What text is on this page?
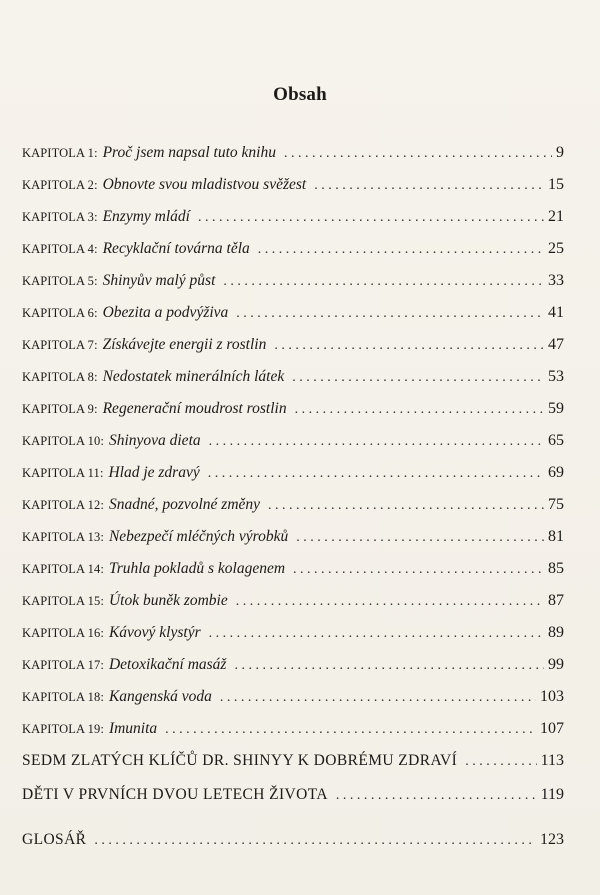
Obsah
KAPITOLA 1 : Proč jsem napsal tuto knihu . . .	9
KAPITOLA 2 : Obnovte svou mladistvou svěžest . . .	15
KAPITOLA 3 : Enzymy mládí . . .	21
KAPITOLA 4 : Recyklační továrna těla . . .	25
KAPITOLA 5 : Shinyův malý půst . . .	33
KAPITOLA 6 : Obezita a podvýživa . . .	41
KAPITOLA 7 : Získávejte energii z rostlin . . .	47
KAPITOLA 8 : Nedostatek minerálních látek . . .	53
KAPITOLA 9 : Regenerační moudrost rostlin . . .	59
KAPITOLA 10 : Shinyova dieta . . .	65
KAPITOLA 11 : Hlad je zdravý . . .	69
KAPITOLA 12 : Snadné, pozvolné změny . . .	75
KAPITOLA 13 : Nebezpečí mléčných výrobků . . .	81
KAPITOLA 14 : Truhla pokladů s kolagenem . . .	85
KAPITOLA 15 : Útok buněk zombie . . .	87
KAPITOLA 16 : Kávový klystýr . . .	89
KAPITOLA 17 : Detoxikační masáž . . .	99
KAPITOLA 18 : Kangenská voda . . .	103
KAPITOLA 19 : Imunita . . .	107
SEDM ZLATÝCH KLÍČŮ DR. SHINYY K DOBRÉMU ZDRAVÍ . . .	113
DĚTI V PRVNÍCH DVOU LETECH ŽIVOTA . . .	119
GLOSÁŘ . . .	123
